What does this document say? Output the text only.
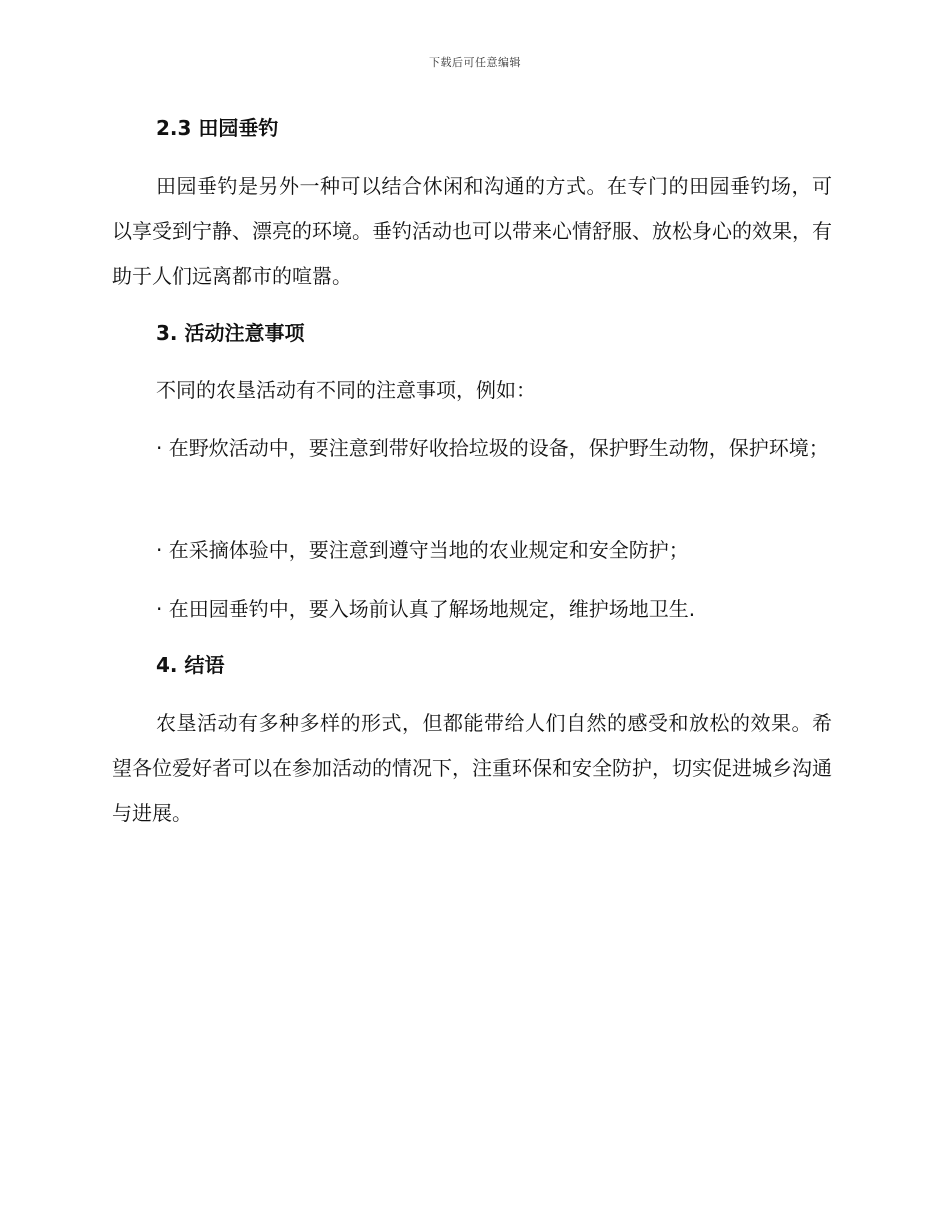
下载后可任意编辑

2.3 田园垂钓

田园垂钓是另外一种可以结合休闲和沟通的方式。在专门的田园垂钓场，可以享受到宁静、漂亮的环境。垂钓活动也可以带来心情舒服、放松身心的效果，有助于人们远离都市的喧嚣。

3. 活动注意事项

不同的农垦活动有不同的注意事项，例如：

· 在野炊活动中，要注意到带好收拾垃圾的设备，保护野生动物，保护环境；

· 在采摘体验中，要注意到遵守当地的农业规定和安全防护；

· 在田园垂钓中，要入场前认真了解场地规定，维护场地卫生.

4. 结语

农垦活动有多种多样的形式，但都能带给人们自然的感受和放松的效果。希望各位爱好者可以在参加活动的情况下，注重环保和安全防护，切实促进城乡沟通与进展。
